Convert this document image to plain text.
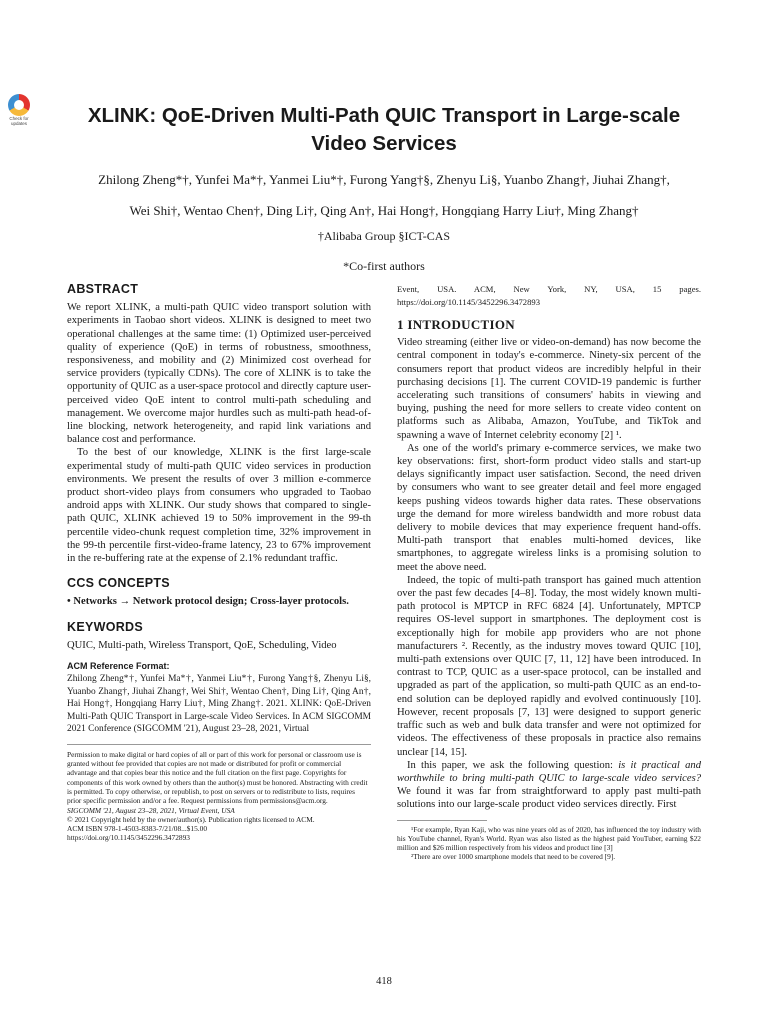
Check for
updates	XLINK: QoE-Driven Multi-Path QUIC Transport in Large-scale
Video Services
Zhilong Zheng*†, Yunfei Ma*†, Yanmei Liu*†, Furong Yang†§, Zhenyu Li§, Yuanbo Zhang†, Jiuhai Zhang†,
Wei Shi†, Wentao Chen†, Ding Li†, Qing An†, Hai Hong†, Hongqiang Harry Liu†, Ming Zhang†
†Alibaba Group §ICT-CAS
*Co-first authors
ABSTRACT

We report XLINK, a multi-path QUIC video transport solution with experiments in Taobao short videos. XLINK is designed to meet two operational challenges at the same time: (1) Optimized user-perceived quality of experience (QoE) in terms of robustness, smoothness, responsiveness, and mobility and (2) Minimized cost overhead for service providers (typically CDNs). The core of XLINK is to take the opportunity of QUIC as a user-space protocol and directly capture user-perceived video QoE intent to control multi-path scheduling and management. We overcome major hurdles such as multi-path head-of-line blocking, network heterogeneity, and rapid link variations and balance cost and performance.

To the best of our knowledge, XLINK is the first large-scale experimental study of multi-path QUIC video services in production environments. We present the results of over 3 million e-commerce product short-video plays from consumers who upgraded to Taobao android apps with XLINK. Our study shows that compared to single-path QUIC, XLINK achieved 19 to 50% improvement in the 99-th percentile video-chunk request completion time, 32% improvement in the 99-th percentile first-video-frame latency, 23 to 67% improvement in the re-buffering rate at the expense of 2.1% redundant traffic.

CCS CONCEPTS

• Networks → Network protocol design; Cross-layer protocols.

KEYWORDS

QUIC, Multi-path, Wireless Transport, QoE, Scheduling, Video

ACM Reference Format:

Zhilong Zheng*†, Yunfei Ma*†, Yanmei Liu*†, Furong Yang†§, Zhenyu Li§, Yuanbo Zhang†, Jiuhai Zhang†, Wei Shi†, Wentao Chen†, Ding Li†, Qing An†, Hai Hong†, Hongqiang Harry Liu†, Ming Zhang†. 2021. XLINK: QoE-Driven Multi-Path QUIC Transport in Large-scale Video Services. In ACM SIGCOMM 2021 Conference (SIGCOMM '21), August 23–28, 2021, Virtual

Permission to make digital or hard copies of all or part of this work for personal or classroom use is granted without fee provided that copies are not made or distributed for profit or commercial advantage and that copies bear this notice and the full citation on the first page. Copyrights for components of this work owned by others than the author(s) must be honored. Abstracting with credit is permitted. To copy otherwise, or republish, to post on servers or to redistribute to lists, requires prior specific permission and/or a fee. Request permissions from permissions@acm.org.

SIGCOMM '21, August 23–28, 2021, Virtual Event, USA

© 2021 Copyright held by the owner/author(s). Publication rights licensed to ACM.

ACM ISBN 978-1-4503-8383-7/21/08...$15.00

https://doi.org/10.1145/3452296.3472893

Event, USA. ACM, New York, NY, USA, 15 pages. https://doi.org/10.1145/3452296.3472893

1 INTRODUCTION

Video streaming (either live or video-on-demand) has now become the central component in today's e-commerce. Ninety-six percent of the consumers report that product videos are incredibly helpful in their purchasing decisions [1]. The current COVID-19 pandemic is further accelerating such transitions of consumers' habits in viewing and buying, pushing the need for more sellers to create video content on platforms such as Alibaba, Amazon, YouTube, and TikTok and spawning a wave of Internet celebrity economy [2] ¹.

As one of the world's primary e-commerce services, we make two key observations: first, short-form product video stalls and start-up delays significantly impact user satisfaction. Second, the need driven by consumers who want to see greater detail and feel more engaged keeps pushing videos towards higher data rates. These observations urge the demand for more wireless bandwidth and more robust data delivery to mobile devices that may experience frequent hand-offs. Multi-path transport that enables multi-homed devices, like smartphones, to aggregate wireless links is a promising solution to meet the above need.

Indeed, the topic of multi-path transport has gained much attention over the past few decades [4–8]. Today, the most widely known multi-path protocol is MPTCP in RFC 6824 [4]. Unfortunately, MPTCP requires OS-level support in smartphones. The deployment cost is exceptionally high for mobile app providers who are not phone manufacturers ². Recently, as the industry moves toward QUIC [10], multi-path extensions over QUIC [7, 11, 12] have been introduced. In contrast to TCP, QUIC as a user-space protocol, can be installed and upgraded as part of the application, so multi-path QUIC as an end-to-end solution can be deployed rapidly and evolved continuously [10]. However, recent proposals [7, 13] were designed to support generic traffic such as web and bulk data transfer and were not optimized for videos. The effectiveness of these proposals in practice also remains unclear [14, 15].

In this paper, we ask the following question: is it practical and worthwhile to bring multi-path QUIC to large-scale video services? We found it was far from straightforward to apply past multi-path solutions into our large-scale product video services directly. First

¹For example, Ryan Kaji, who was nine years old as of 2020, has influenced the toy industry with his YouTube channel, Ryan's World. Ryan was also listed as the highest paid YouTuber, earning $22 million and $26 million respectively from his videos and product line [3]

²There are over 1000 smartphone models that need to be covered [9].

418
